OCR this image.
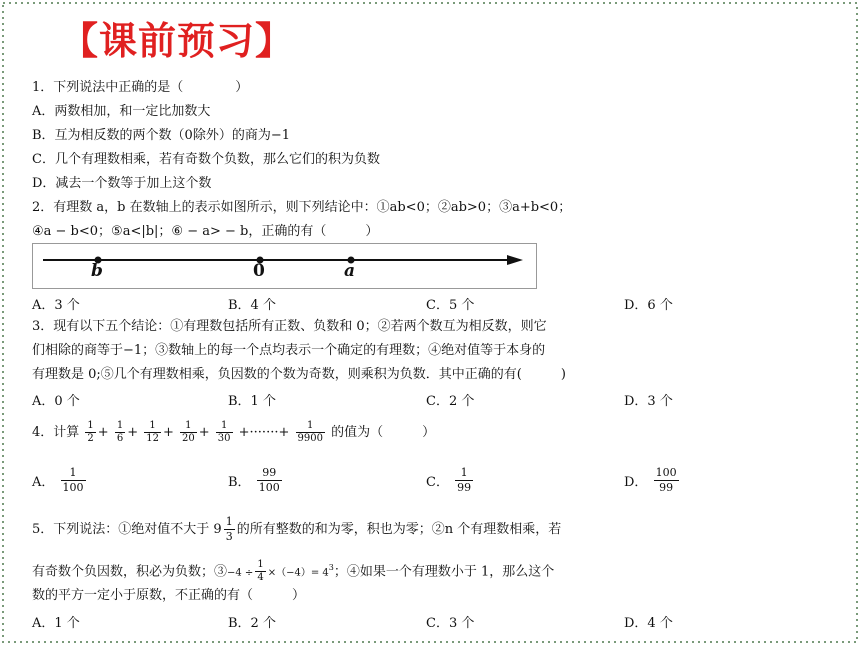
【课前预习】
1．下列说法中正确的是（　　　　）
A．两数相加，和一定比加数大
B．互为相反数的两个数（0除外）的商为−1
C．几个有理数相乘，若有奇数个负数，那么它们的积为负数
D．减去一个数等于加上这个数
2．有理数 a，b 在数轴上的表示如图所示，则下列结论中：①ab<0；②ab>0；③a+b<0；
④a − b<0；⑤a<|b|；⑥ − a> − b，正确的有（　　　）
b	0	a
A．3 个	B．4 个	C．5 个	D．6 个
3．现有以下五个结论：①有理数包括所有正数、负数和 0；②若两个数互为相反数，则它
们相除的商等于−1；③数轴上的每一个点均表示一个确定的有理数；④绝对值等于本身的
有理数是 0;⑤几个有理数相乘，负因数的个数为奇数，则乘积为负数．其中正确的有(　　　)
A．0 个	B．1 个	C．2 个	D．3 个
4．计算 $\frac{1}{2} + \frac{1}{6} + \frac{1}{12} + \frac{1}{20} + \frac{1}{30}$ +·······+ $\frac{1}{9900}$ 的值为（　　　）
A． $\frac{1}{100}$	B． $\frac{99}{100}$	C． $\frac{1}{99}$	D． $\frac{100}{99}$
5．下列说法：①绝对值不大于 $9 \frac{1}{3}$ 的所有整数的和为零，积也为零；②n 个有理数相乘，若
有奇数个负因数，积必为负数；③−4 ÷ $\frac{1}{4} \times(-4)= 4^3$；④如果一个有理数小于 1，那么这个
数的平方一定小于原数，不正确的有（　　　）
A．1 个	B．2 个	C．3 个	D．4 个
